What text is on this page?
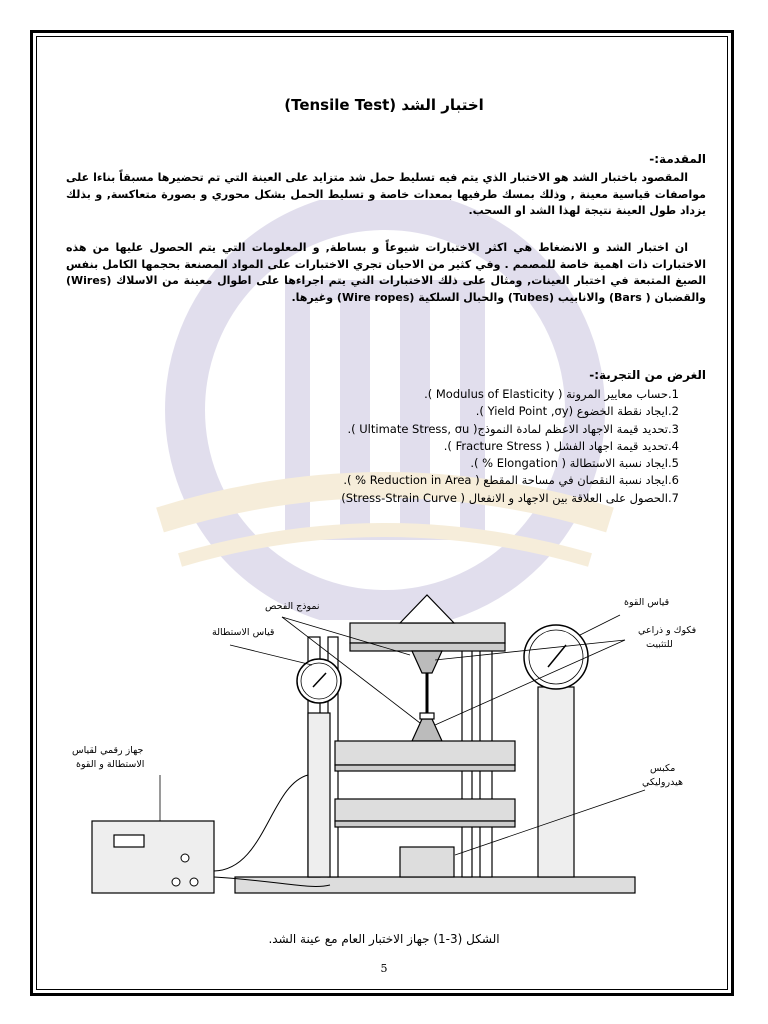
اختبار الشد (Tensile Test)
المقدمة:-

المقصود باختبار الشد هو الاختبار الذي يتم فيه تسليط حمل شد متزايد على العينة التي تم تحضيرها مسبقاً بناءا على مواصفات قياسية معينة , وذلك بمسك طرفيها بمعدات خاصة و تسليط الحمل بشكل محوري و بصورة متعاكسة, و بذلك يزداد طول العينة نتيجة لهذا الشد او السحب.

ان اختبار الشد و الانضغاط هي اكثر الاختبارات شيوعاً و بساطة, و المعلومات التي يتم الحصول عليها من هذه الاختبارات ذات اهمية خاصة للمصمم . وفي كثير من الاحيان تجري الاختبارات على المواد المصنعة بحجمها الكامل بنفس الصيغ المتبعة في اختبار العينات, ومثال على ذلك الاختبارات التي يتم اجراءها على اطوال معينة من الاسلاك (Wires) والقضبان ( Bars) والانابيب (Tubes) والحبال السلكية (Wire ropes) وغيرها.

الغرض من التجربة:-
.1
حساب معايير المرونة ( Modulus of Elasticity ).
.2
ايجاد نقطة الخضوع (Yield Point ,σy ).
.3
تحديد قيمة الاجهاد الاعظم لمادة النموذج( Ultimate Stress, σu ).
.4
تحديد قيمة اجهاد الفشل ( Fracture Stress ).
.5
ايجاد نسبة الاستطالة ( Elongation % ).
.6
ايجاد نسبة النقصان في مساحة المقطع ( Reduction in Area % ).
.7
الحصول على العلاقة بين الاجهاد و الانفعال ( Stress-Strain Curve)
نموذج الفحص
قياس الاستطالة
قياس القوة
فكوك و ذراعي
للتثبيت
جهاز رقمي لقياس
الاستطالة و القوة	مكبس
هيدروليكي
الشكل (3-1) جهاز الاختبار العام مع عينة الشد.
5
